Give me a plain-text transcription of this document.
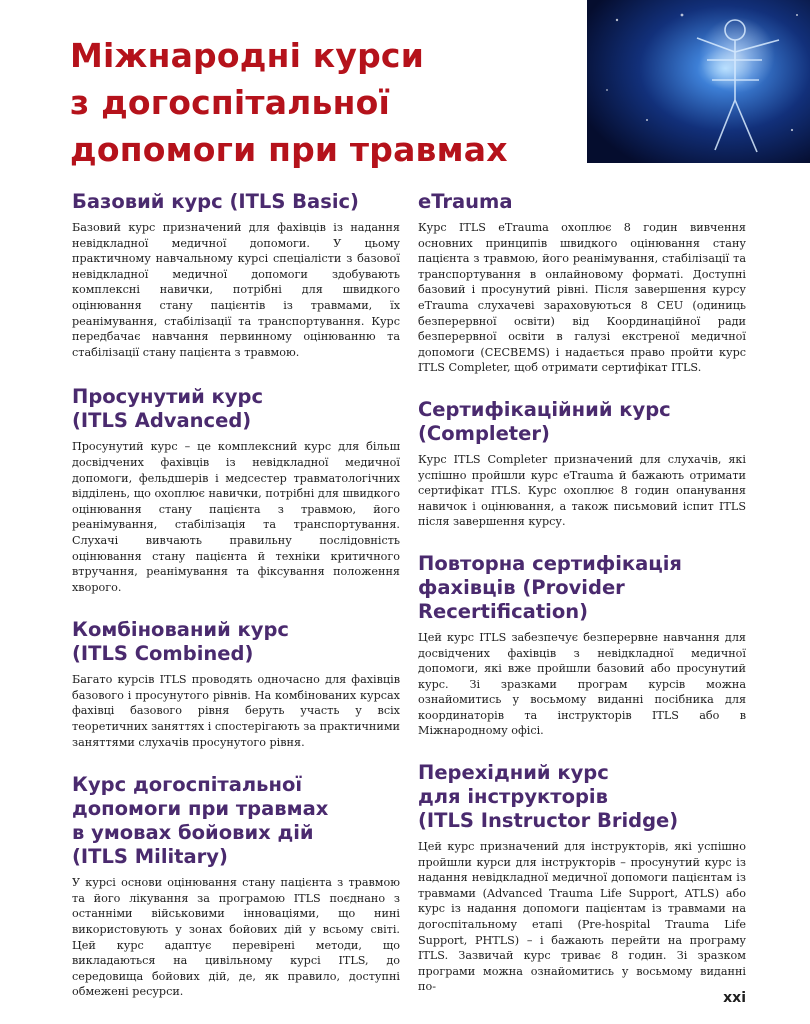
Міжнародні курси
з догоспітальної
допомоги при травмах
Базовий курс (ITLS Basic)

Базовий курс призначений для фахівців із надання невідкладної медичної допомоги. У цьому практичному навчальному курсі спеціалісти з базової невідкладної медичної допомоги здобувають комплексні навички, потрібні для швидкого оцінювання стану пацієнтів із травмами, їх реанімування, стабілізації та транспортування. Курс передбачає навчання первинному оцінюванню та стабілізації стану пацієнта з травмою.

Просунутий курс
(ITLS Advanced)

Просунутий курс – це комплексний курс для більш досвідчених фахівців із невідкладної медичної допомоги, фельдшерів і медсестер травматологічних відділень, що охоплює навички, потрібні для швидкого оцінювання стану пацієнта з травмою, його реанімування, стабілізація та транспортування. Слухачі вивчають правильну послідовність оцінювання стану пацієнта й техніки критичного втручання, реанімування та фіксування положення хворого.

Комбінований курс
(ITLS Combined)

Багато курсів ITLS проводять одночасно для фахівців базового і просунутого рівнів. На комбінованих курсах фахівці базового рівня беруть участь у всіх теоретичних заняттях і спостерігають за практичними заняттями слухачів просунутого рівня.

Курс догоспітальної
допомоги при травмах
в умовах бойових дій
(ITLS Military)

У курсі основи оцінювання стану пацієнта з травмою та його лікування за програмою ITLS поєднано з останніми військовими інноваціями, що нині використовують у зонах бойових дій у всьому світі. Цей курс адаптує перевірені методи, що викладаються на цивільному курсі ITLS, до середовища бойових дій, де, як правило, доступні обмежені ресурси.

eTrauma

Курс ITLS eTrauma охоплює 8 годин вивчення основних принципів швидкого оцінювання стану пацієнта з травмою, його реанімування, стабілізації та транспортування в онлайновому форматі. Доступні базовий і просунутий рівні. Після завершення курсу eTrauma слухачеві зараховуються 8 CEU (одиниць безперервної освіти) від Координаційної ради безперервної освіти в галузі екстреної медичної допомоги (CECBEMS) і надається право пройти курс ITLS Completer, щоб отримати сертифікат ITLS.

Сертифікаційний курс
(Completer)

Курс ITLS Completer призначений для слухачів, які успішно пройшли курс eTrauma й бажають отримати сертифікат ITLS. Курс охоплює 8 годин опанування навичок і оцінювання, а також письмовий іспит ITLS після завершення курсу.

Повторна сертифікація
фахівців (Provider
Recertification)

Цей курс ITLS забезпечує безперервне навчання для досвідчених фахівців з невідкладної медичної допомоги, які вже пройшли базовий або просунутий курс. Зі зразками програм курсів можна ознайомитись у восьмому виданні посібника для координаторів та інструкторів ITLS або в Міжнародному офісі.

Перехідний курс
для інструкторів
(ITLS Instructor Bridge)

Цей курс призначений для інструкторів, які успішно пройшли курси для інструкторів – просунутий курс із надання невідкладної медичної допомоги пацієнтам із травмами (Advanced Trauma Life Support, ATLS) або курс із надання допомоги пацієнтам із травмами на догоспітальному етапі (Pre-hospital Trauma Life Support, PHTLS) – і бажають перейти на програму ITLS. Зазвичай курс триває 8 годин. Зі зразком програми можна ознайомитись у восьмому виданні по-

xxi
